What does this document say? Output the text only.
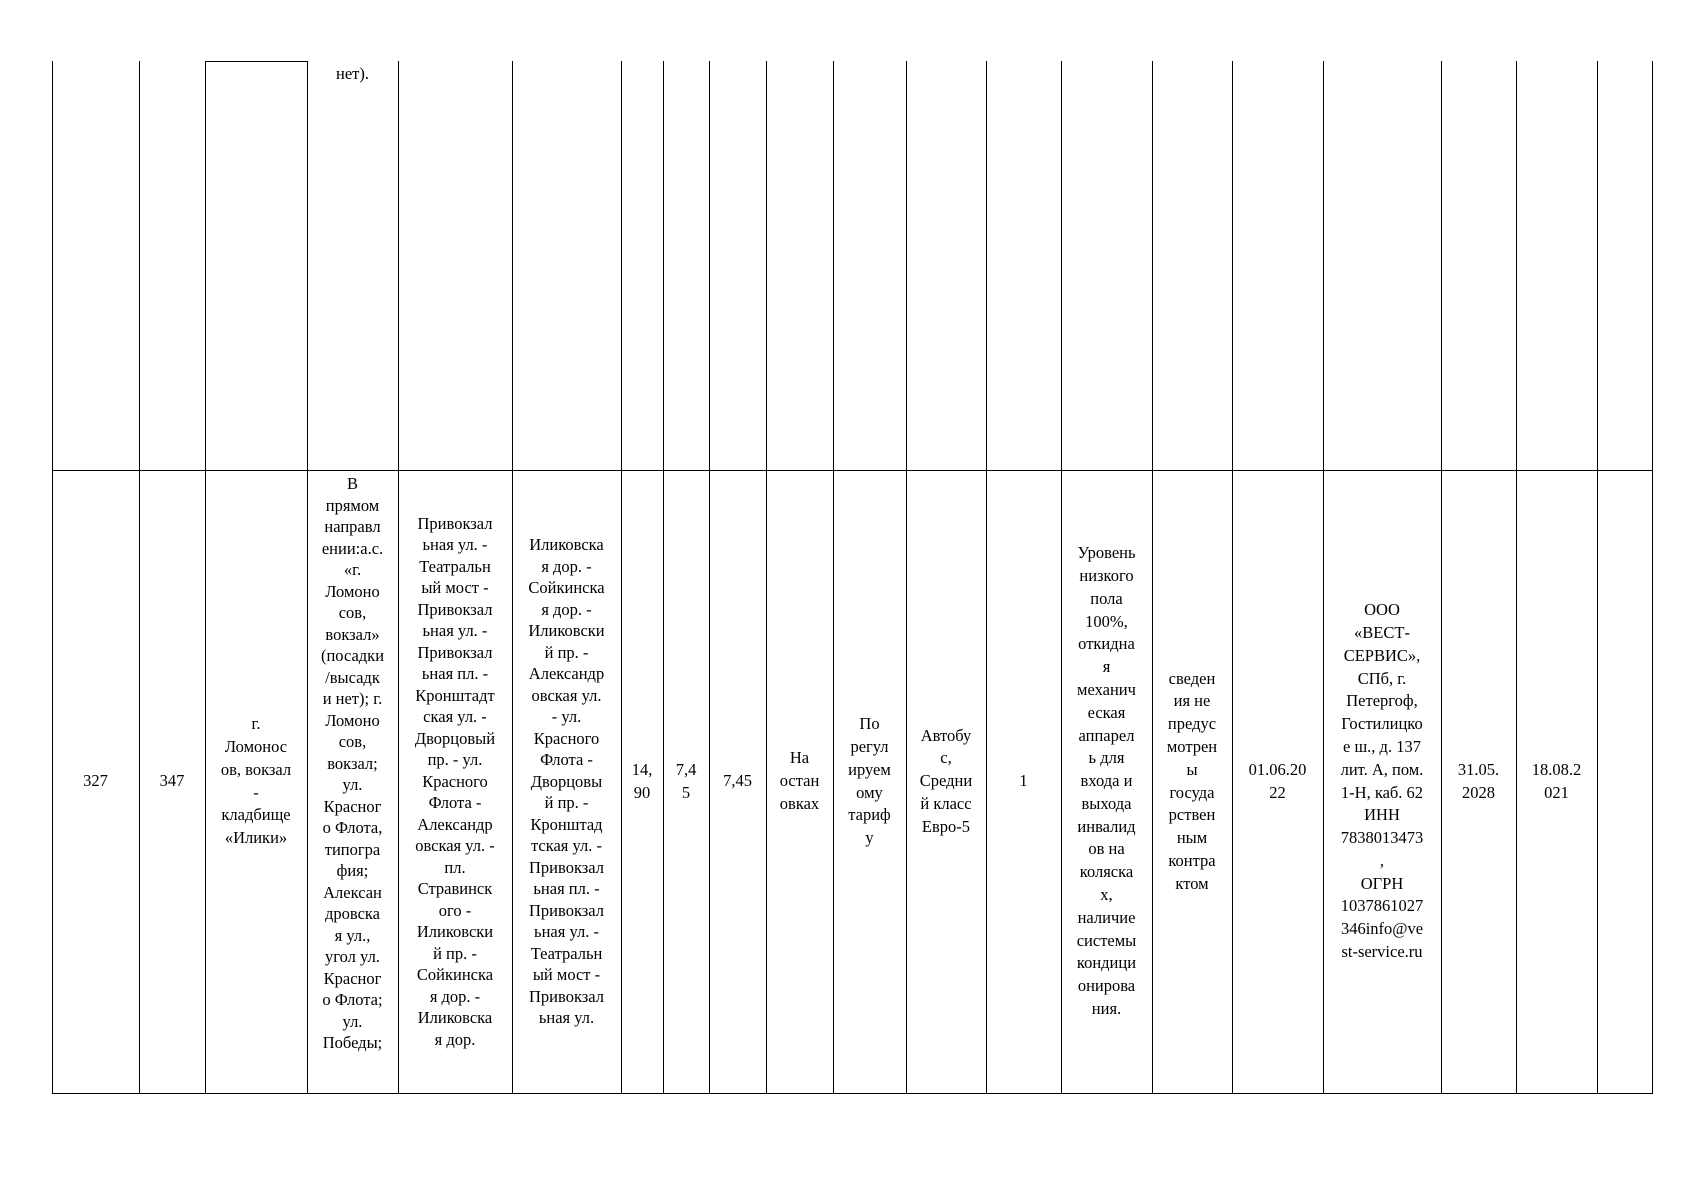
нет).
327	347
г.
Ломонос
ов, вокзал
-
кладбище
«Илики»
В
прямом
направл
ении:а.с.
«г.
Ломоно
сов,
вокзал»
(посадки
/высадк
и нет); г.
Ломоно
сов,
вокзал;
ул.
Красног
о Флота,
типогра
фия;
Алексан
дровска
я ул.,
угол ул.
Красног
о Флота;
ул.
Победы;
Привокзал
ьная ул. -
Театральн
ый мост -
Привокзал
ьная ул. -
Привокзал
ьная пл. -
Кронштадт
ская ул. -
Дворцовый
пр. - ул.
Красного
Флота -
Александр
овская ул. -
пл.
Стравинск
ого -
Иликовски
й пр. -
Сойкинска
я дор. -
Иликовска
я дор.
Иликовска
я дор. -
Сойкинска
я дор. -
Иликовски
й пр. -
Александр
овская ул.
- ул.
Красного
Флота -
Дворцовы
й пр. -
Кронштад
тская ул. -
Привокзал
ьная пл. -
Привокзал
ьная ул. -
Театральн
ый мост -
Привокзал
ьная ул.
14,
90
7,4
5
7,45
На
остан
овках
По
регул
ируем
ому
тариф
у
Автобу
с,
Средни
й класс
Евро-5
1
Уровень
низкого
пола
100%,
откидна
я
механич
еская
аппарел
ь для
входа и
выхода
инвалид
ов на
коляска
х,
наличие
системы
кондици
онирова
ния.
сведен
ия не
предус
мотрен
ы
госуда
рствен
ным
контра
ктом
01.06.20
22
ООО
«ВЕСТ-
СЕРВИС»,
СПб, г.
Петергоф,
Гостилицко
е ш., д. 137
лит. А, пом.
1-Н, каб. 62
ИНН
7838013473
,
ОГРН
1037861027
346info@ve
st-service.ru
31.05.
2028
18.08.2
021
